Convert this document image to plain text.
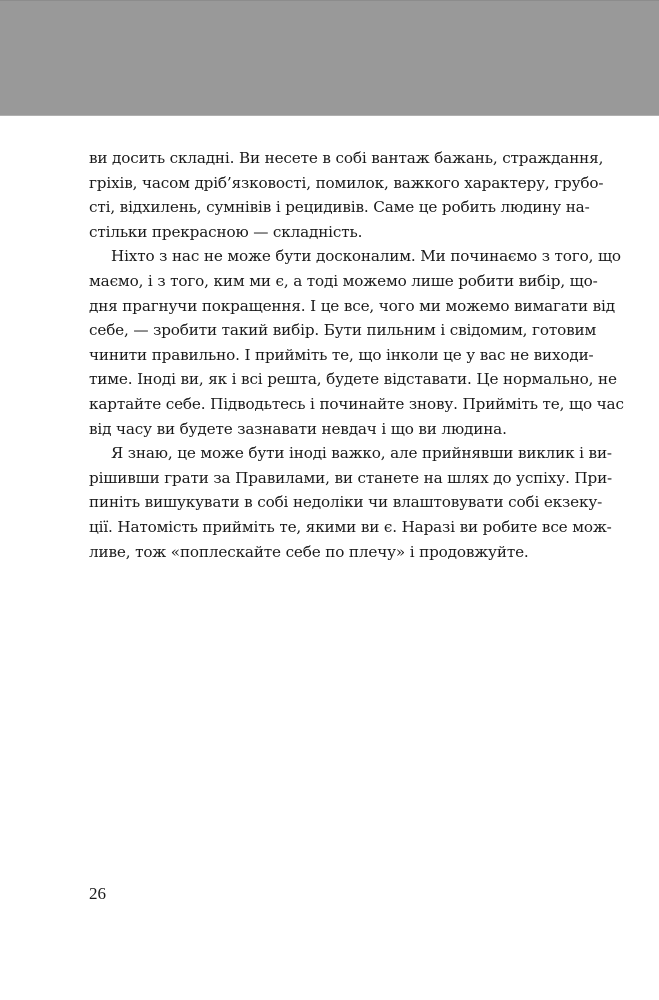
ви досить складні. Ви несете в собі вантаж бажань, страждання,
гріхів, часом дріб’язковості, помилок, важкого характеру, грубо-
сті, відхилень, сумнівів і рецидивів. Саме це робить людину на-
стільки прекрасною — складність.
Ніхто з нас не може бути досконалим. Ми починаємо з того, що
маємо, і з того, ким ми є, а тоді можемо лише робити вибір, що-
дня прагнучи покращення. І це все, чого ми можемо вимагати від
себе, — зробити такий вибір. Бути пильним і свідомим, готовим
чинити правильно. І прийміть те, що інколи це у вас не виходи-
тиме. Іноді ви, як і всі решта, будете відставати. Це нормально, не
картайте себе. Підводьтесь і починайте знову. Прийміть те, що час
від часу ви будете зазнавати невдач і що ви людина.
Я знаю, це може бути іноді важко, але прийнявши виклик і ви-
рішивши грати за Правилами, ви станете на шлях до успіху. При-
пиніть вишукувати в собі недоліки чи влаштовувати собі екзеку-
ції. Натомість прийміть те, якими ви є. Наразі ви робите все мож-
ливе, тож «поплескайте себе по плечу» і продовжуйте.
26
